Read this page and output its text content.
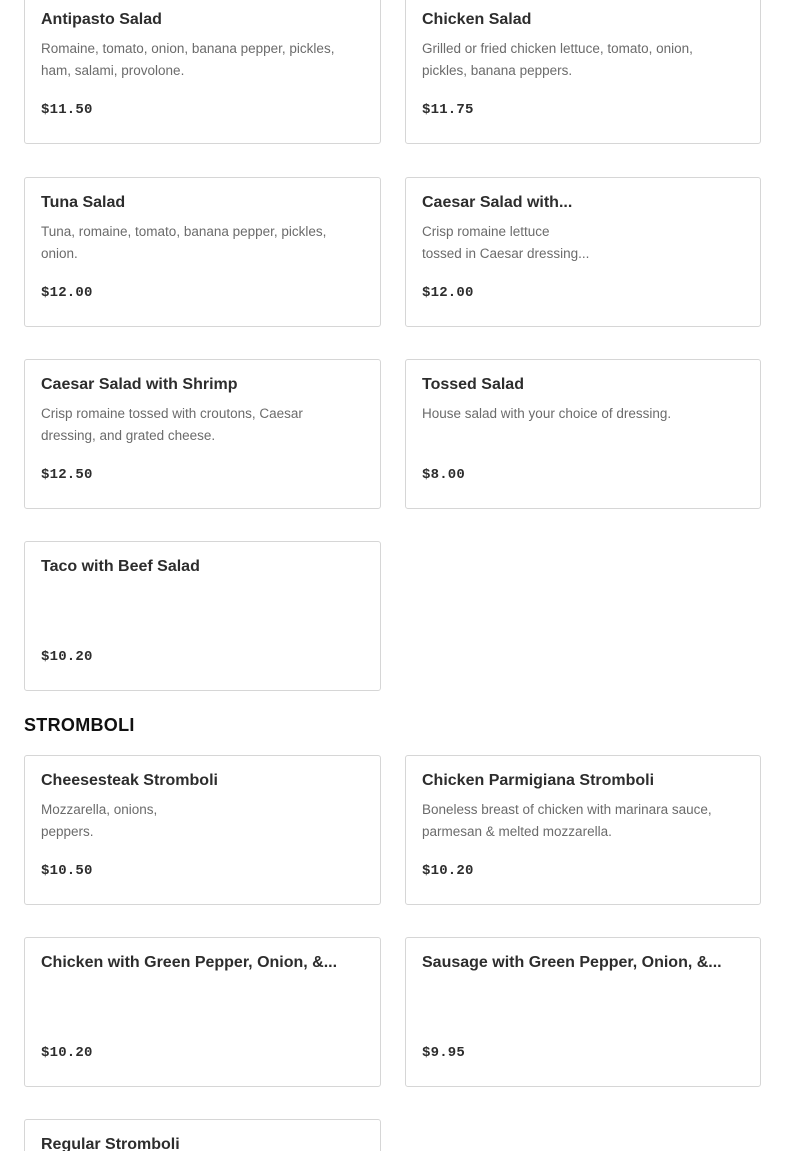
Antipasto Salad
Romaine, tomato, onion, banana pepper, pickles,
ham, salami, provolone.
$11.50
Chicken Salad
Grilled or fried chicken lettuce, tomato, onion,
pickles, banana peppers.
$11.75
Tuna Salad
Tuna, romaine, tomato, banana pepper, pickles,
onion.
$12.00
Caesar Salad with...
Crisp romaine lettuce
tossed in Caesar dressing...
$12.00
Caesar Salad with Shrimp
Crisp romaine tossed with croutons, Caesar
dressing, and grated cheese.
$12.50
Tossed Salad
House salad with your choice of dressing.
$8.00
Taco with Beef Salad
$10.20
STROMBOLI
Cheesesteak Stromboli
Mozzarella, onions,
peppers.
$10.50
Chicken Parmigiana Stromboli
Boneless breast of chicken with marinara sauce,
parmesan & melted mozzarella.
$10.20
Chicken with Green Pepper, Onion, &...
$10.20
Sausage with Green Pepper, Onion, &...
$9.95
Regular Stromboli
